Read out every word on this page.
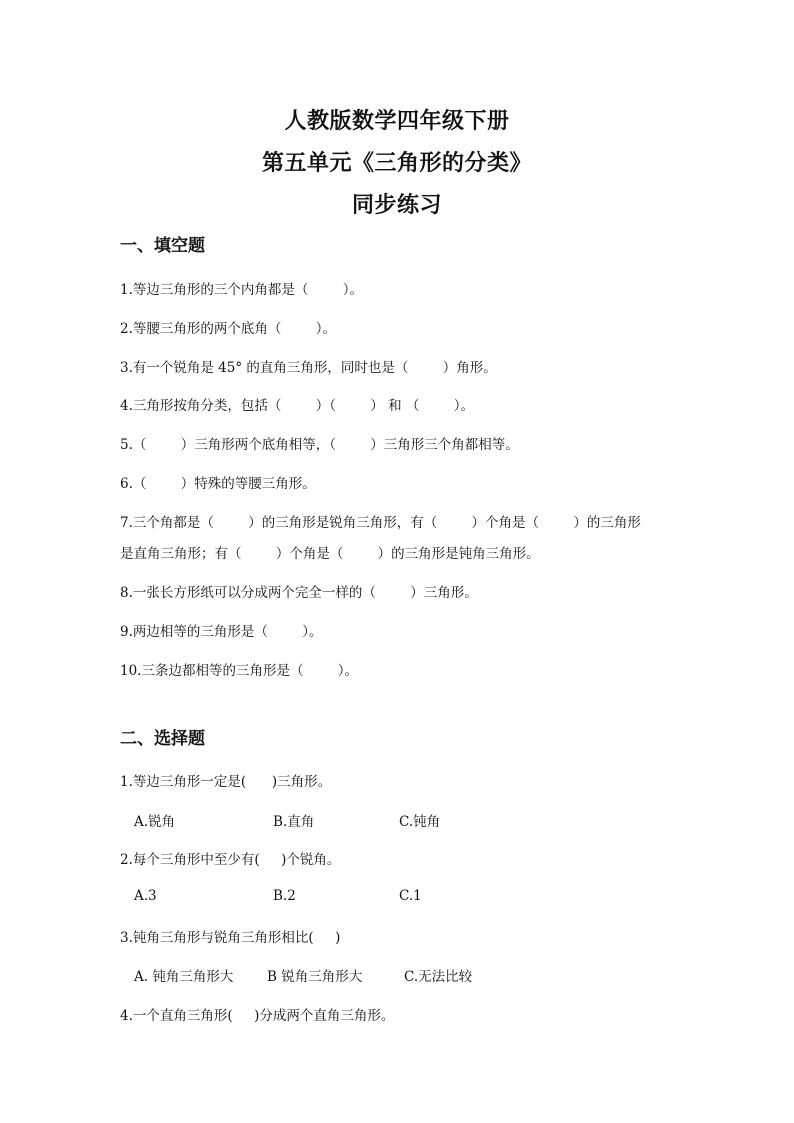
人教版数学四年级下册
第五单元《三角形的分类》
同步练习
一、填空题
1.等边三角形的三个内角都是（        ）。
2.等腰三角形的两个底角（        ）。
3.有一个锐角是 45° 的直角三角形，同时也是（        ）角形。
4.三角形按角分类，包括（        ）（        ） 和 （        ）。
5.（        ）三角形两个底角相等，（        ）三角形三个角都相等。
6.（        ）特殊的等腰三角形。
7.三个角都是（        ）的三角形是锐角三角形，有（        ）个角是（        ）的三角形
是直角三角形；有（        ）个角是（        ）的三角形是钝角三角形。
8.一张长方形纸可以分成两个完全一样的（        ）三角形。
9.两边相等的三角形是（        ）。
10.三条边都相等的三角形是（        ）。
二、选择题
1.等边三角形一定是(      )三角形。
A.锐角	B.直角	C.钝角
2.每个三角形中至少有(     )个锐角。
A.3	B.2	C.1
3.钝角三角形与锐角三角形相比(     )
A. 钝角三角形大 B 锐角三角形大	C.无法比较
4.一个直角三角形(     )分成两个直角三角形。
